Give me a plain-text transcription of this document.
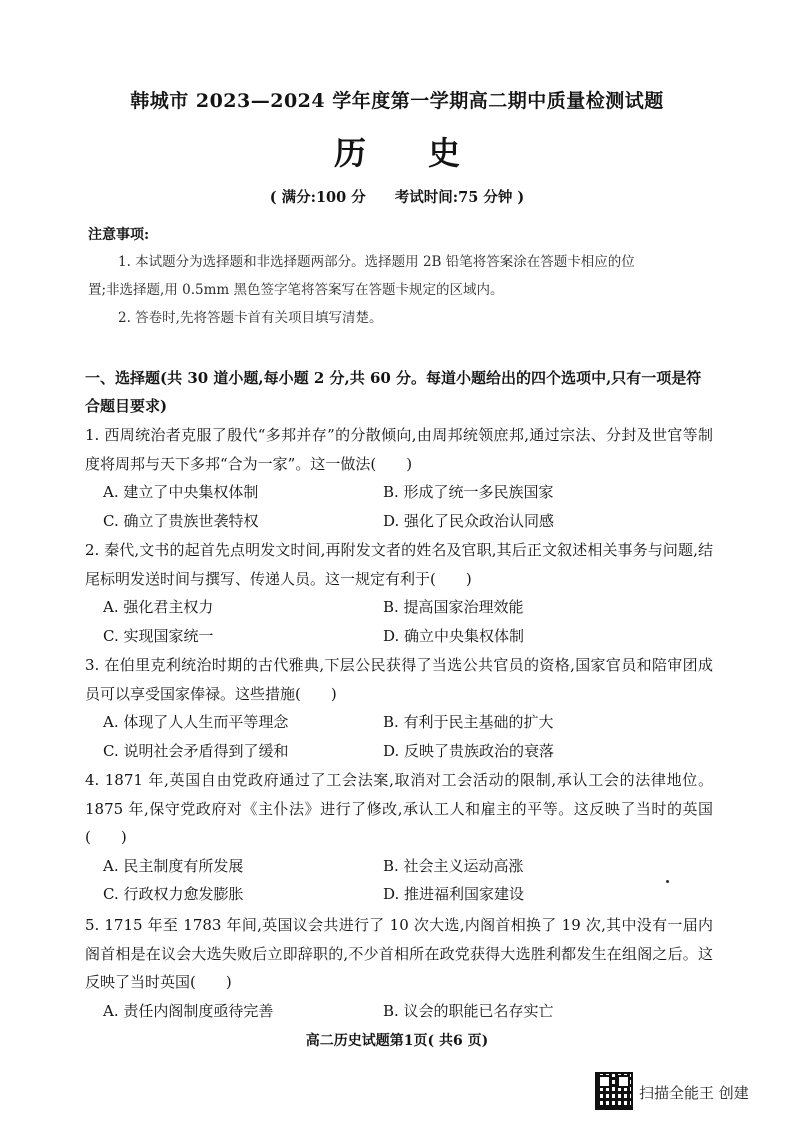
韩城市 2023—2024 学年度第一学期高二期中质量检测试题
历史
( 满分:100 分　　考试时间:75 分钟 )
注意事项:
1. 本试题分为选择题和非选择题两部分。选择题用 2B 铅笔将答案涂在答题卡相应的位
置;非选择题,用 0.5mm 黑色签字笔将答案写在答题卡规定的区域内。
2. 答卷时,先将答题卡首有关项目填写清楚。
一、选择题(共 30 道小题,每小题 2 分,共 60 分。每道小题给出的四个选项中,只有一项是符合题目要求)
1. 西周统治者克服了殷代“多邦并存”的分散倾向,由周邦统领庶邦,通过宗法、分封及世官等制度将周邦与天下多邦“合为一家”。这一做法(　　)
A. 建立了中央集权体制	B. 形成了统一多民族国家
C. 确立了贵族世袭特权	D. 强化了民众政治认同感
2. 秦代,文书的起首先点明发文时间,再附发文者的姓名及官职,其后正文叙述相关事务与问题,结尾标明发送时间与撰写、传递人员。这一规定有利于(　　)
A. 强化君主权力	B. 提高国家治理效能
C. 实现国家统一	D. 确立中央集权体制
3. 在伯里克利统治时期的古代雅典,下层公民获得了当选公共官员的资格,国家官员和陪审团成员可以享受国家俸禄。这些措施(　　)
A. 体现了人人生而平等理念	B. 有利于民主基础的扩大
C. 说明社会矛盾得到了缓和	D. 反映了贵族政治的衰落
4. 1871 年,英国自由党政府通过了工会法案,取消对工会活动的限制,承认工会的法律地位。1875 年,保守党政府对《主仆法》进行了修改,承认工人和雇主的平等。这反映了当时的英国(　　)
A. 民主制度有所发展	B. 社会主义运动高涨
C. 行政权力愈发膨胀	D. 推进福利国家建设
5. 1715 年至 1783 年间,英国议会共进行了 10 次大选,内阁首相换了 19 次,其中没有一届内阁首相是在议会大选失败后立即辞职的,不少首相所在政党获得大选胜利都发生在组阁之后。这反映了当时英国(　　)
A. 责任内阁制度亟待完善	B. 议会的职能已名存实亡
高二历史试题第1页( 共6 页)
扫描全能王 创建
